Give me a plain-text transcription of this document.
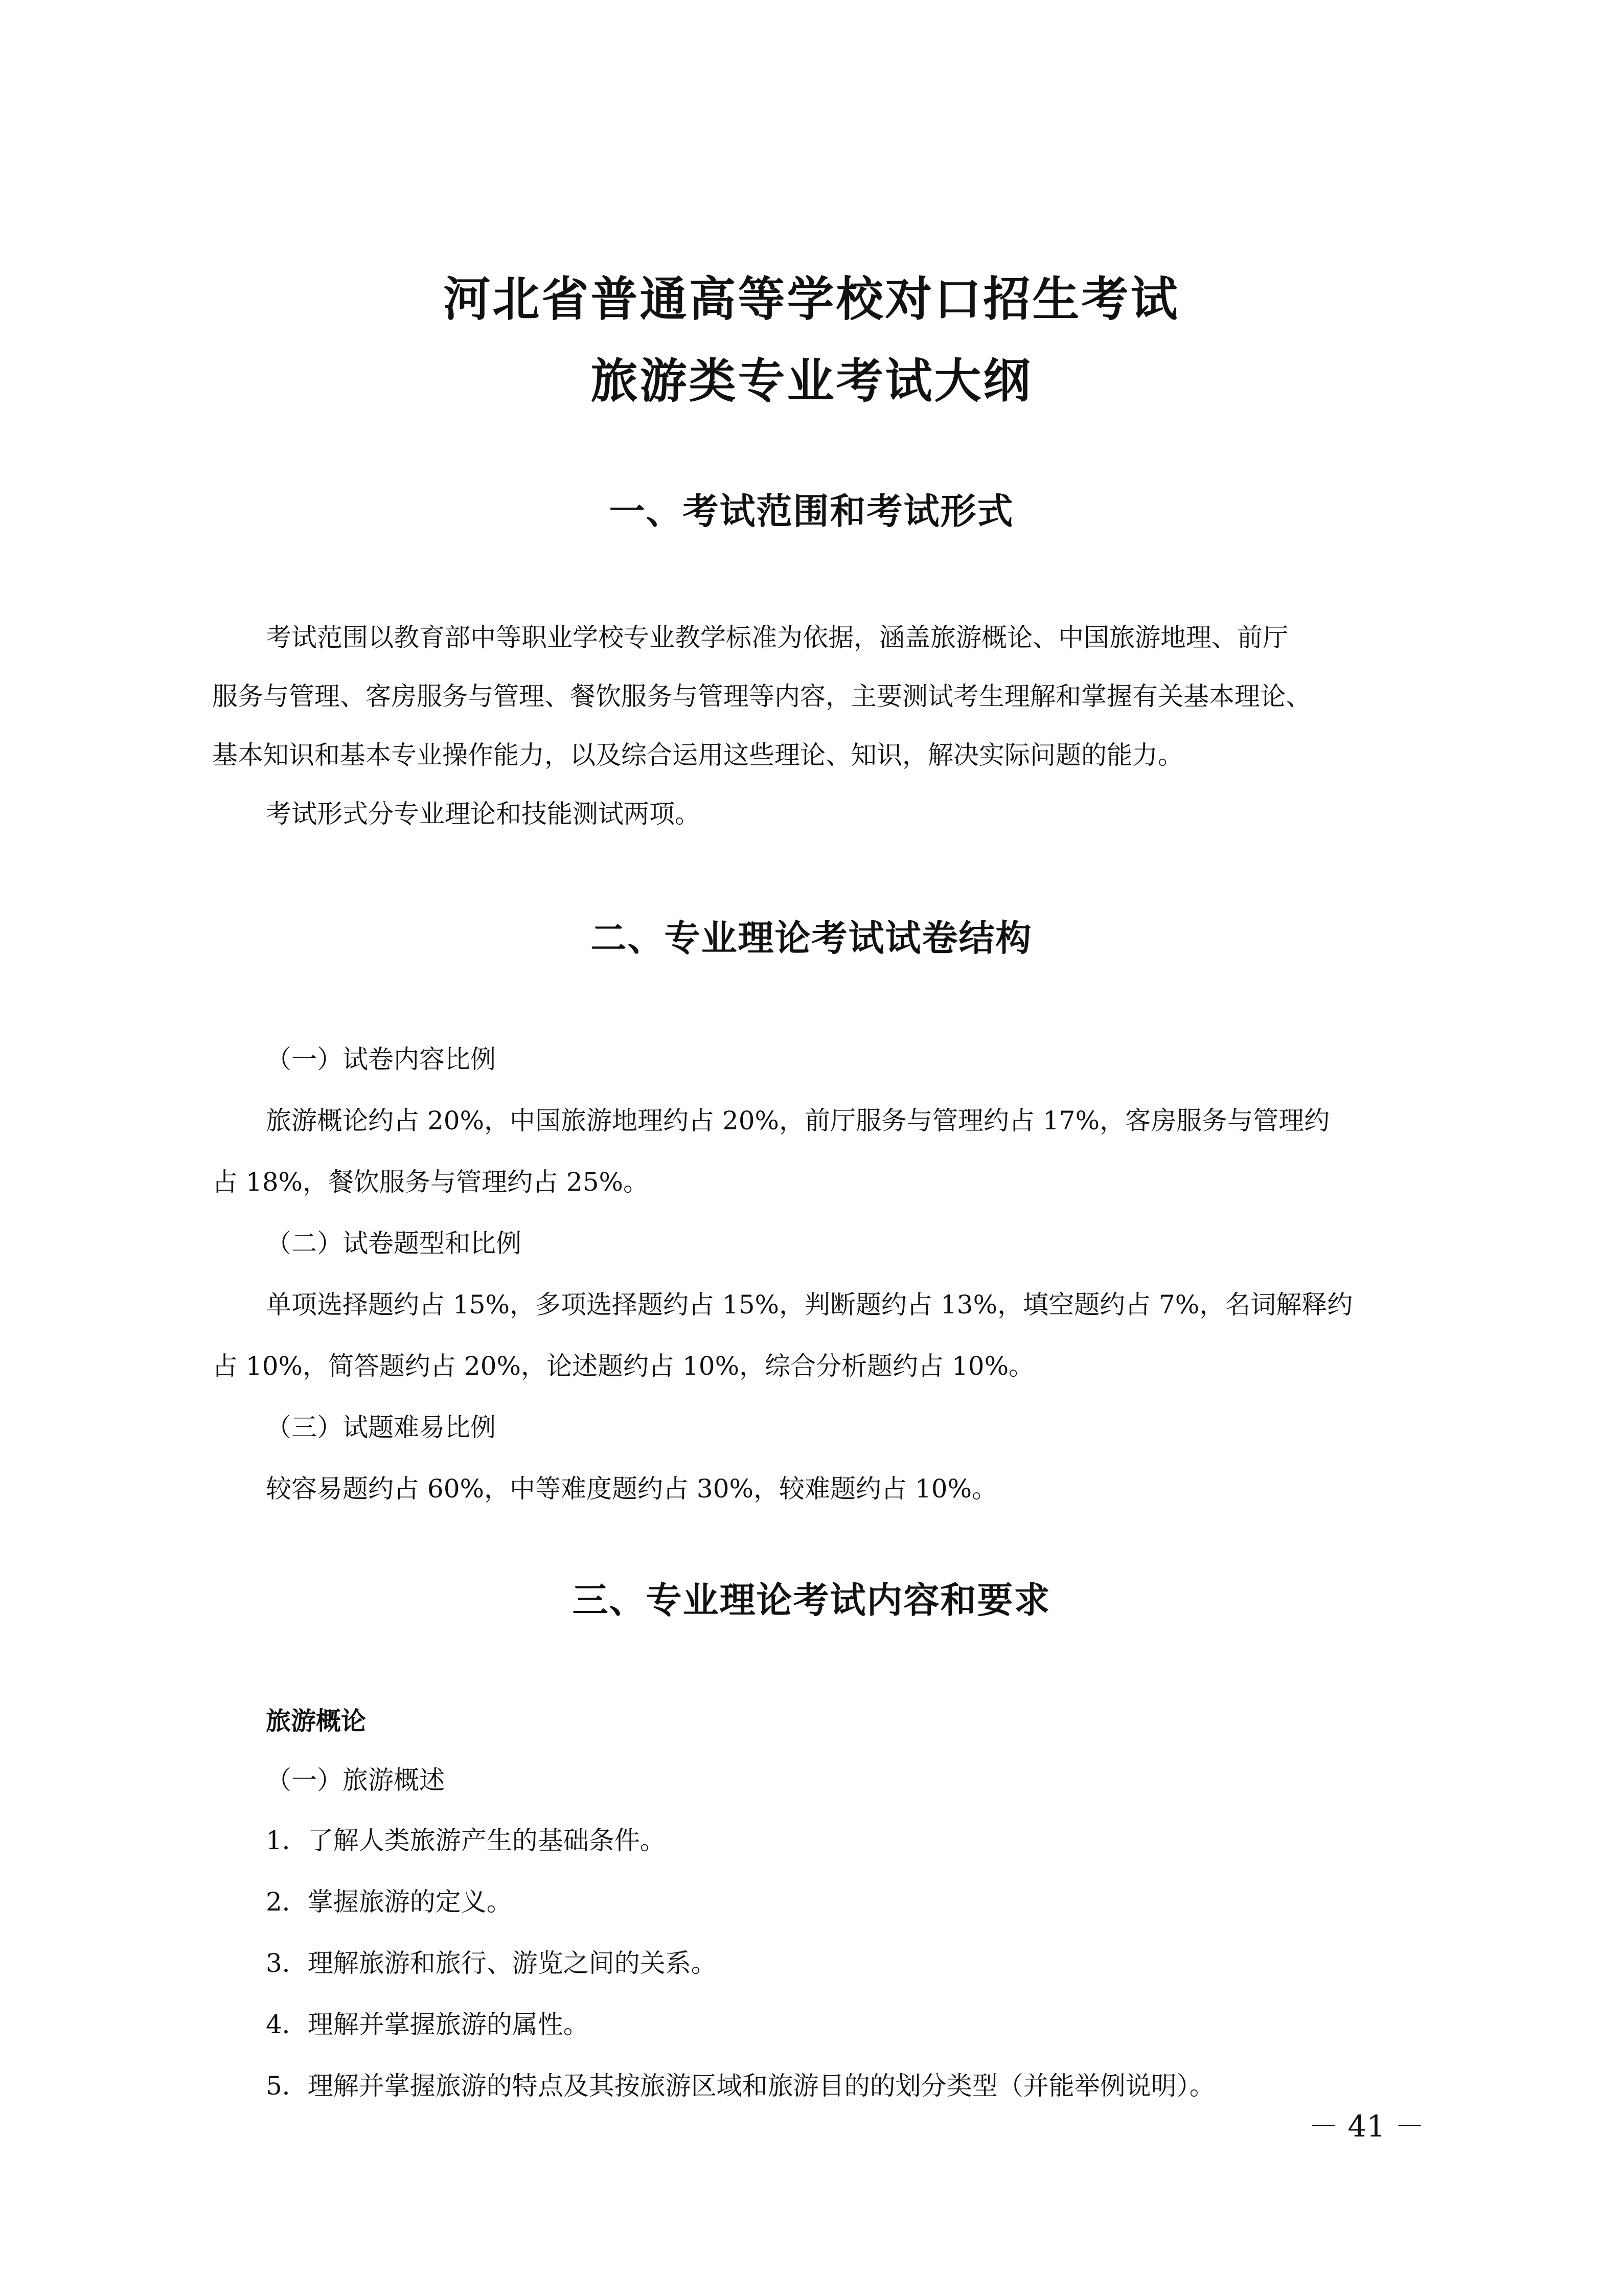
河北省普通高等学校对口招生考试
旅游类专业考试大纲
一、考试范围和考试形式
考试范围以教育部中等职业学校专业教学标准为依据，涵盖旅游概论、中国旅游地理、前厅
服务与管理、客房服务与管理、餐饮服务与管理等内容，主要测试考生理解和掌握有关基本理论、
基本知识和基本专业操作能力，以及综合运用这些理论、知识，解决实际问题的能力。
考试形式分专业理论和技能测试两项。
二、专业理论考试试卷结构
（一）试卷内容比例
旅游概论约占 20%，中国旅游地理约占 20%，前厅服务与管理约占 17%，客房服务与管理约
占 18%，餐饮服务与管理约占 25%。
（二）试卷题型和比例
单项选择题约占 15%，多项选择题约占 15%，判断题约占 13%，填空题约占 7%，名词解释约
占 10%，简答题约占 20%，论述题约占 10%，综合分析题约占 10%。
（三）试题难易比例
较容易题约占 60%，中等难度题约占 30%，较难题约占 10%。
三、专业理论考试内容和要求
旅游概论
（一）旅游概述
1．了解人类旅游产生的基础条件。
2．掌握旅游的定义。
3．理解旅游和旅行、游览之间的关系。
4．理解并掌握旅游的属性。
5．理解并掌握旅游的特点及其按旅游区域和旅游目的的划分类型（并能举例说明）。
－ 41 －
